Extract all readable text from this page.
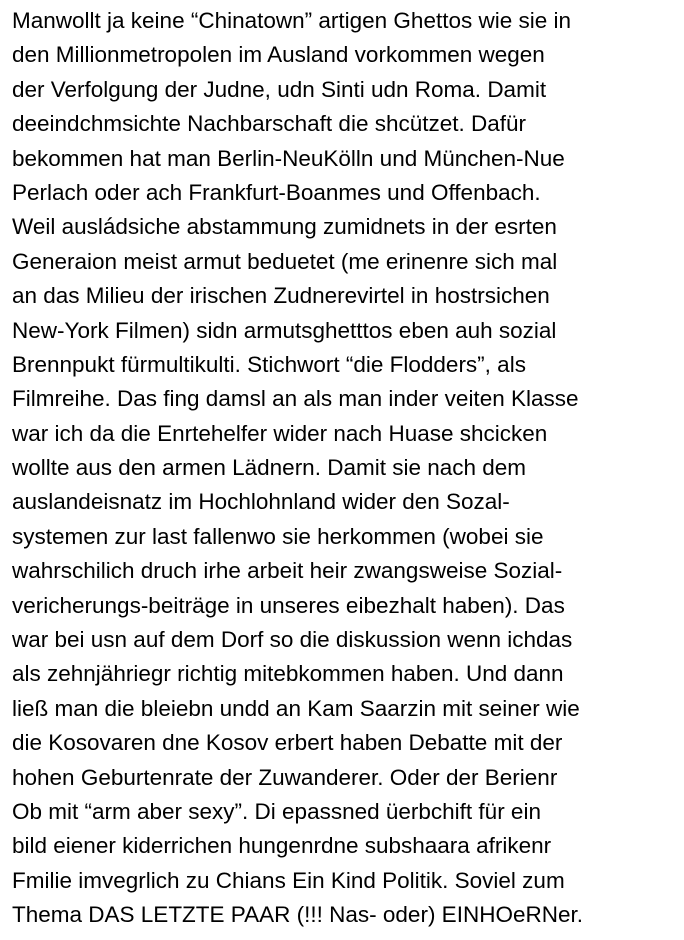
Manwollt ja keine “Chinatown” artigen Ghettos wie sie in
den Millionmetropolen im Ausland vorkommen wegen
der Verfolgung der Judne, udn Sinti udn Roma. Damit
deeindchmsichte Nachbarschaft die shcützet. Dafür
bekommen hat man Berlin-NeuKölln und München-Nue
Perlach oder ach Frankfurt-Boanmes und Offenbach.
Weil ausládsiche abstammung zumidnets in der esrten
Generaion meist armut beduetet (me erinenre sich mal
an das Milieu der irischen Zudnerevirtel in hostrsichen
New-York Filmen) sidn armutsghetttos eben auh sozial
Brennpukt fürmultikulti. Stichwort “die Flodders”, als
Filmreihe. Das fing damsl an als man inder veiten Klasse
war ich da die Enrtehelfer wider nach Huase shcicken
wollte aus den armen Lädnern. Damit sie nach dem
auslandeisnatz im Hochlohnland wider den Sozal-
systemen zur last fallenwo sie herkommen (wobei sie
wahrschilich druch irhe arbeit heir zwangsweise Sozial-
vericherungs-beiträge in unseres eibezhalt haben). Das
war bei usn auf dem Dorf so die diskussion wenn ichdas
als zehnjähriegr richtig mitebkommen haben. Und dann
ließ man die bleiebn undd an Kam Saarzin mit seiner wie
die Kosovaren dne Kosov erbert haben Debatte mit der
hohen Geburtenrate der Zuwanderer. Oder der Berienr
Ob mit “arm aber sexy”. Di epassned üerbchift für ein
bild eiener kiderrichen hungenrdne subshaara afrikenr
Fmilie imvegrlich zu Chians Ein Kind Politik. Soviel zum
Thema DAS LETZTE PAAR (!!! Nas- oder) EINHOeRNer.
